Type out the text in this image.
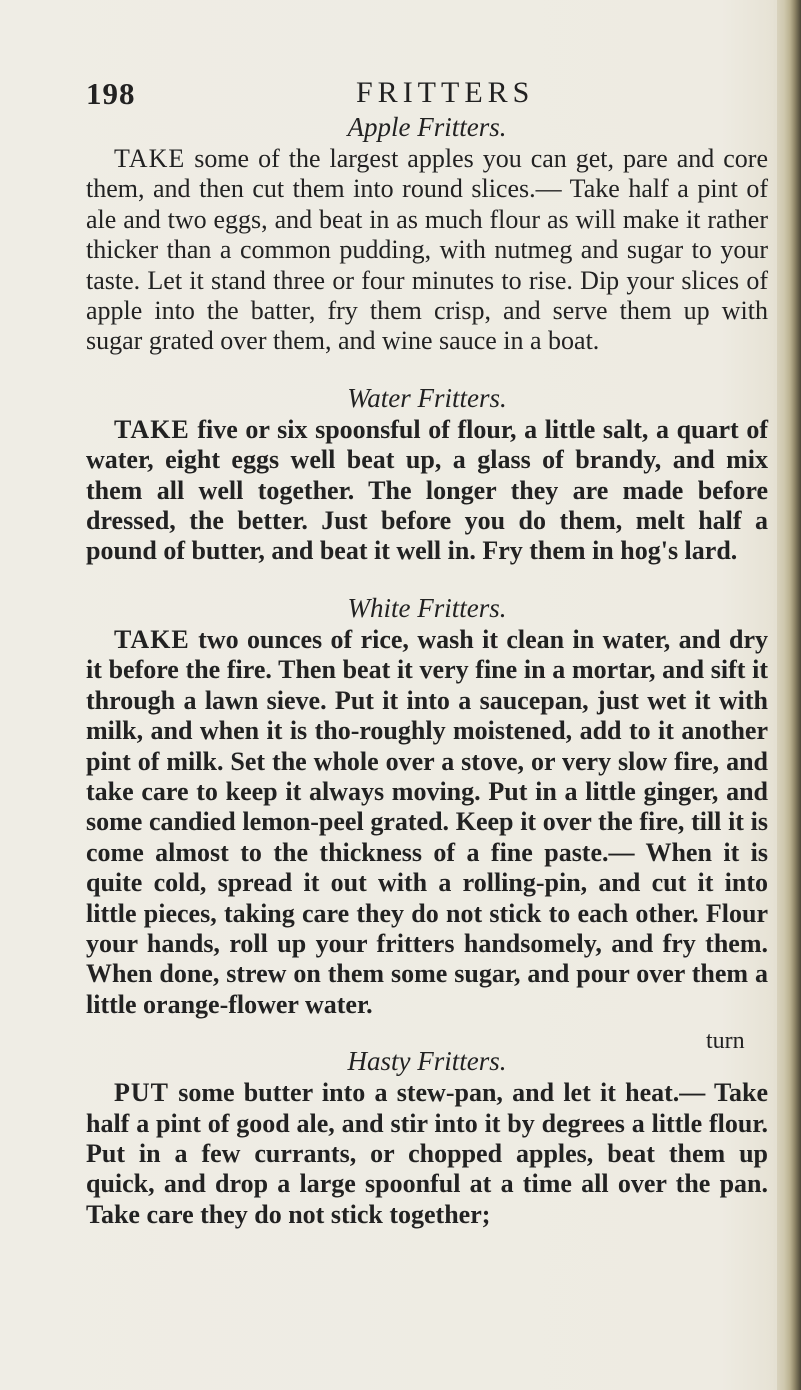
198	FRITTERS
Apple Fritters.

TAKE some of the largest apples you can get, pare and core them, and then cut them into round slices.— Take half a pint of ale and two eggs, and beat in as much flour as will make it rather thicker than a common pudding, with nutmeg and sugar to your taste. Let it stand three or four minutes to rise. Dip your slices of apple into the batter, fry them crisp, and serve them up with sugar grated over them, and wine sauce in a boat.

Water Fritters.

TAKE five or six spoonsful of flour, a little salt, a quart of water, eight eggs well beat up, a glass of brandy, and mix them all well together. The longer they are made before dressed, the better. Just before you do them, melt half a pound of butter, and beat it well in. Fry them in hog's lard.

White Fritters.

TAKE two ounces of rice, wash it clean in water, and dry it before the fire. Then beat it very fine in a mortar, and sift it through a lawn sieve. Put it into a saucepan, just wet it with milk, and when it is tho-roughly moistened, add to it another pint of milk. Set the whole over a stove, or very slow fire, and take care to keep it always moving. Put in a little ginger, and some candied lemon-peel grated. Keep it over the fire, till it is come almost to the thickness of a fine paste.— When it is quite cold, spread it out with a rolling-pin, and cut it into little pieces, taking care they do not stick to each other. Flour your hands, roll up your fritters handsomely, and fry them. When done, strew on them some sugar, and pour over them a little orange-flower water.

Hasty Fritters.

PUT some butter into a stew-pan, and let it heat.— Take half a pint of good ale, and stir into it by degrees a little flour. Put in a few currants, or chopped apples, beat them up quick, and drop a large spoonful at a time all over the pan. Take care they do not stick together;

turn
